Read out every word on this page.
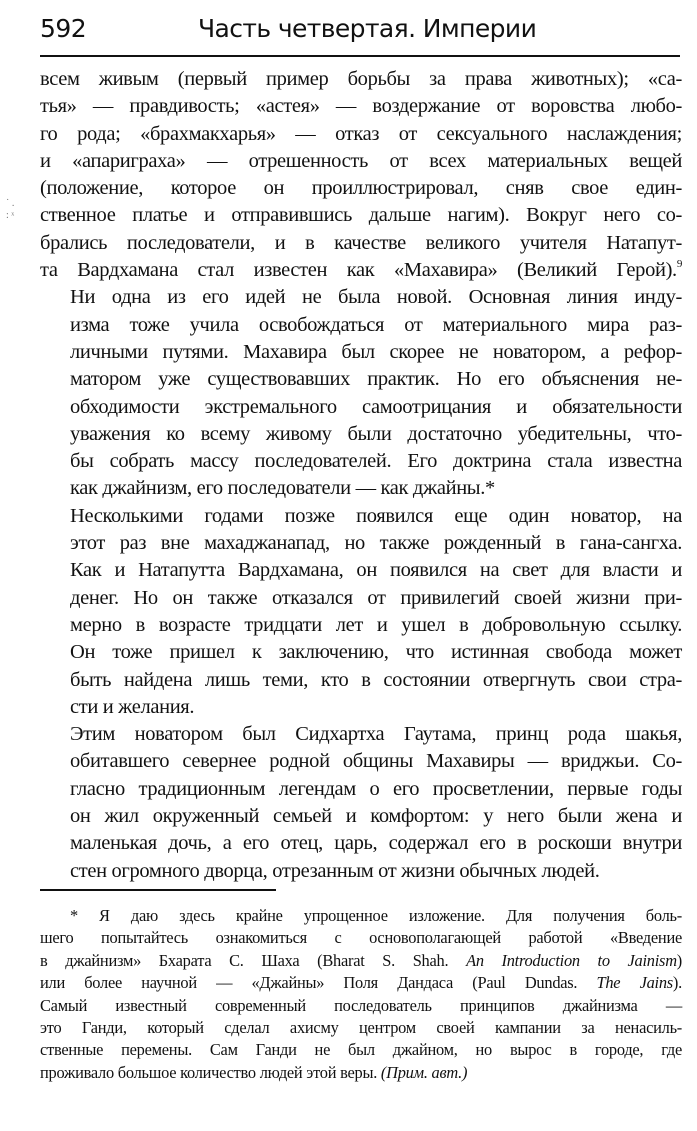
592	Часть четвертая. Империи
˙ .
: ˣ

всем живым (первый пример борьбы за права животных); «са-
тья» — правдивость; «астея» — воздержание от воровства любо-
го рода; «брахмакхарья» — отказ от сексуального наслаждения;
и «апариграха» — отрешенность от всех материальных вещей
(положение, которое он проиллюстрировал, сняв свое един-
ственное платье и отправившись дальше нагим). Вокруг него со-
брались последователи, и в качестве великого учителя Натапут-
та Вардхамана стал известен как «Махавира» (Великий Герой).$^9$

Ни одна из его идей не была новой. Основная линия инду-
изма тоже учила освобождаться от материального мира раз-
личными путями. Махавира был скорее не новатором, а рефор-
матором уже существовавших практик. Но его объяснения не-
обходимости экстремального самоотрицания и обязательности
уважения ко всему живому были достаточно убедительны, что-
бы собрать массу последователей. Его доктрина стала известна
как джайнизм, его последователи — как джайны.*

Несколькими годами позже появился еще один новатор, на
этот раз вне махаджанапад, но также рожденный в гана-сангха.
Как и Натапутта Вардхамана, он появился на свет для власти и
денег. Но он также отказался от привилегий своей жизни при-
мерно в возрасте тридцати лет и ушел в добровольную ссылку.
Он тоже пришел к заключению, что истинная свобода может
быть найдена лишь теми, кто в состоянии отвергнуть свои стра-
сти и желания.

Этим новатором был Сидхартха Гаутама, принц рода шакья,
обитавшего севернее родной общины Махавиры — вриджьи. Со-
гласно традиционным легендам о его просветлении, первые годы
он жил окруженный семьей и комфортом: у него были жена и
маленькая дочь, а его отец, царь, содержал его в роскоши внутри
стен огромного дворца, отрезанным от жизни обычных людей.

* Я даю здесь крайне упрощенное изложение. Для получения боль-
шего попытайтесь ознакомиться с основополагающей работой «Введение
в джайнизм» Бхарата С. Шаха (Bharat S. Shah. An Introduction to Jainism)
или более научной — «Джайны» Поля Дандаса (Paul Dundas. The Jains).
Самый известный современный последователь принципов джайнизма —
это Ганди, который сделал ахисму центром своей кампании за ненасиль-
ственные перемены. Сам Ганди не был джайном, но вырос в городе, где
проживало большое количество людей этой веры. (Прим. авт.)
